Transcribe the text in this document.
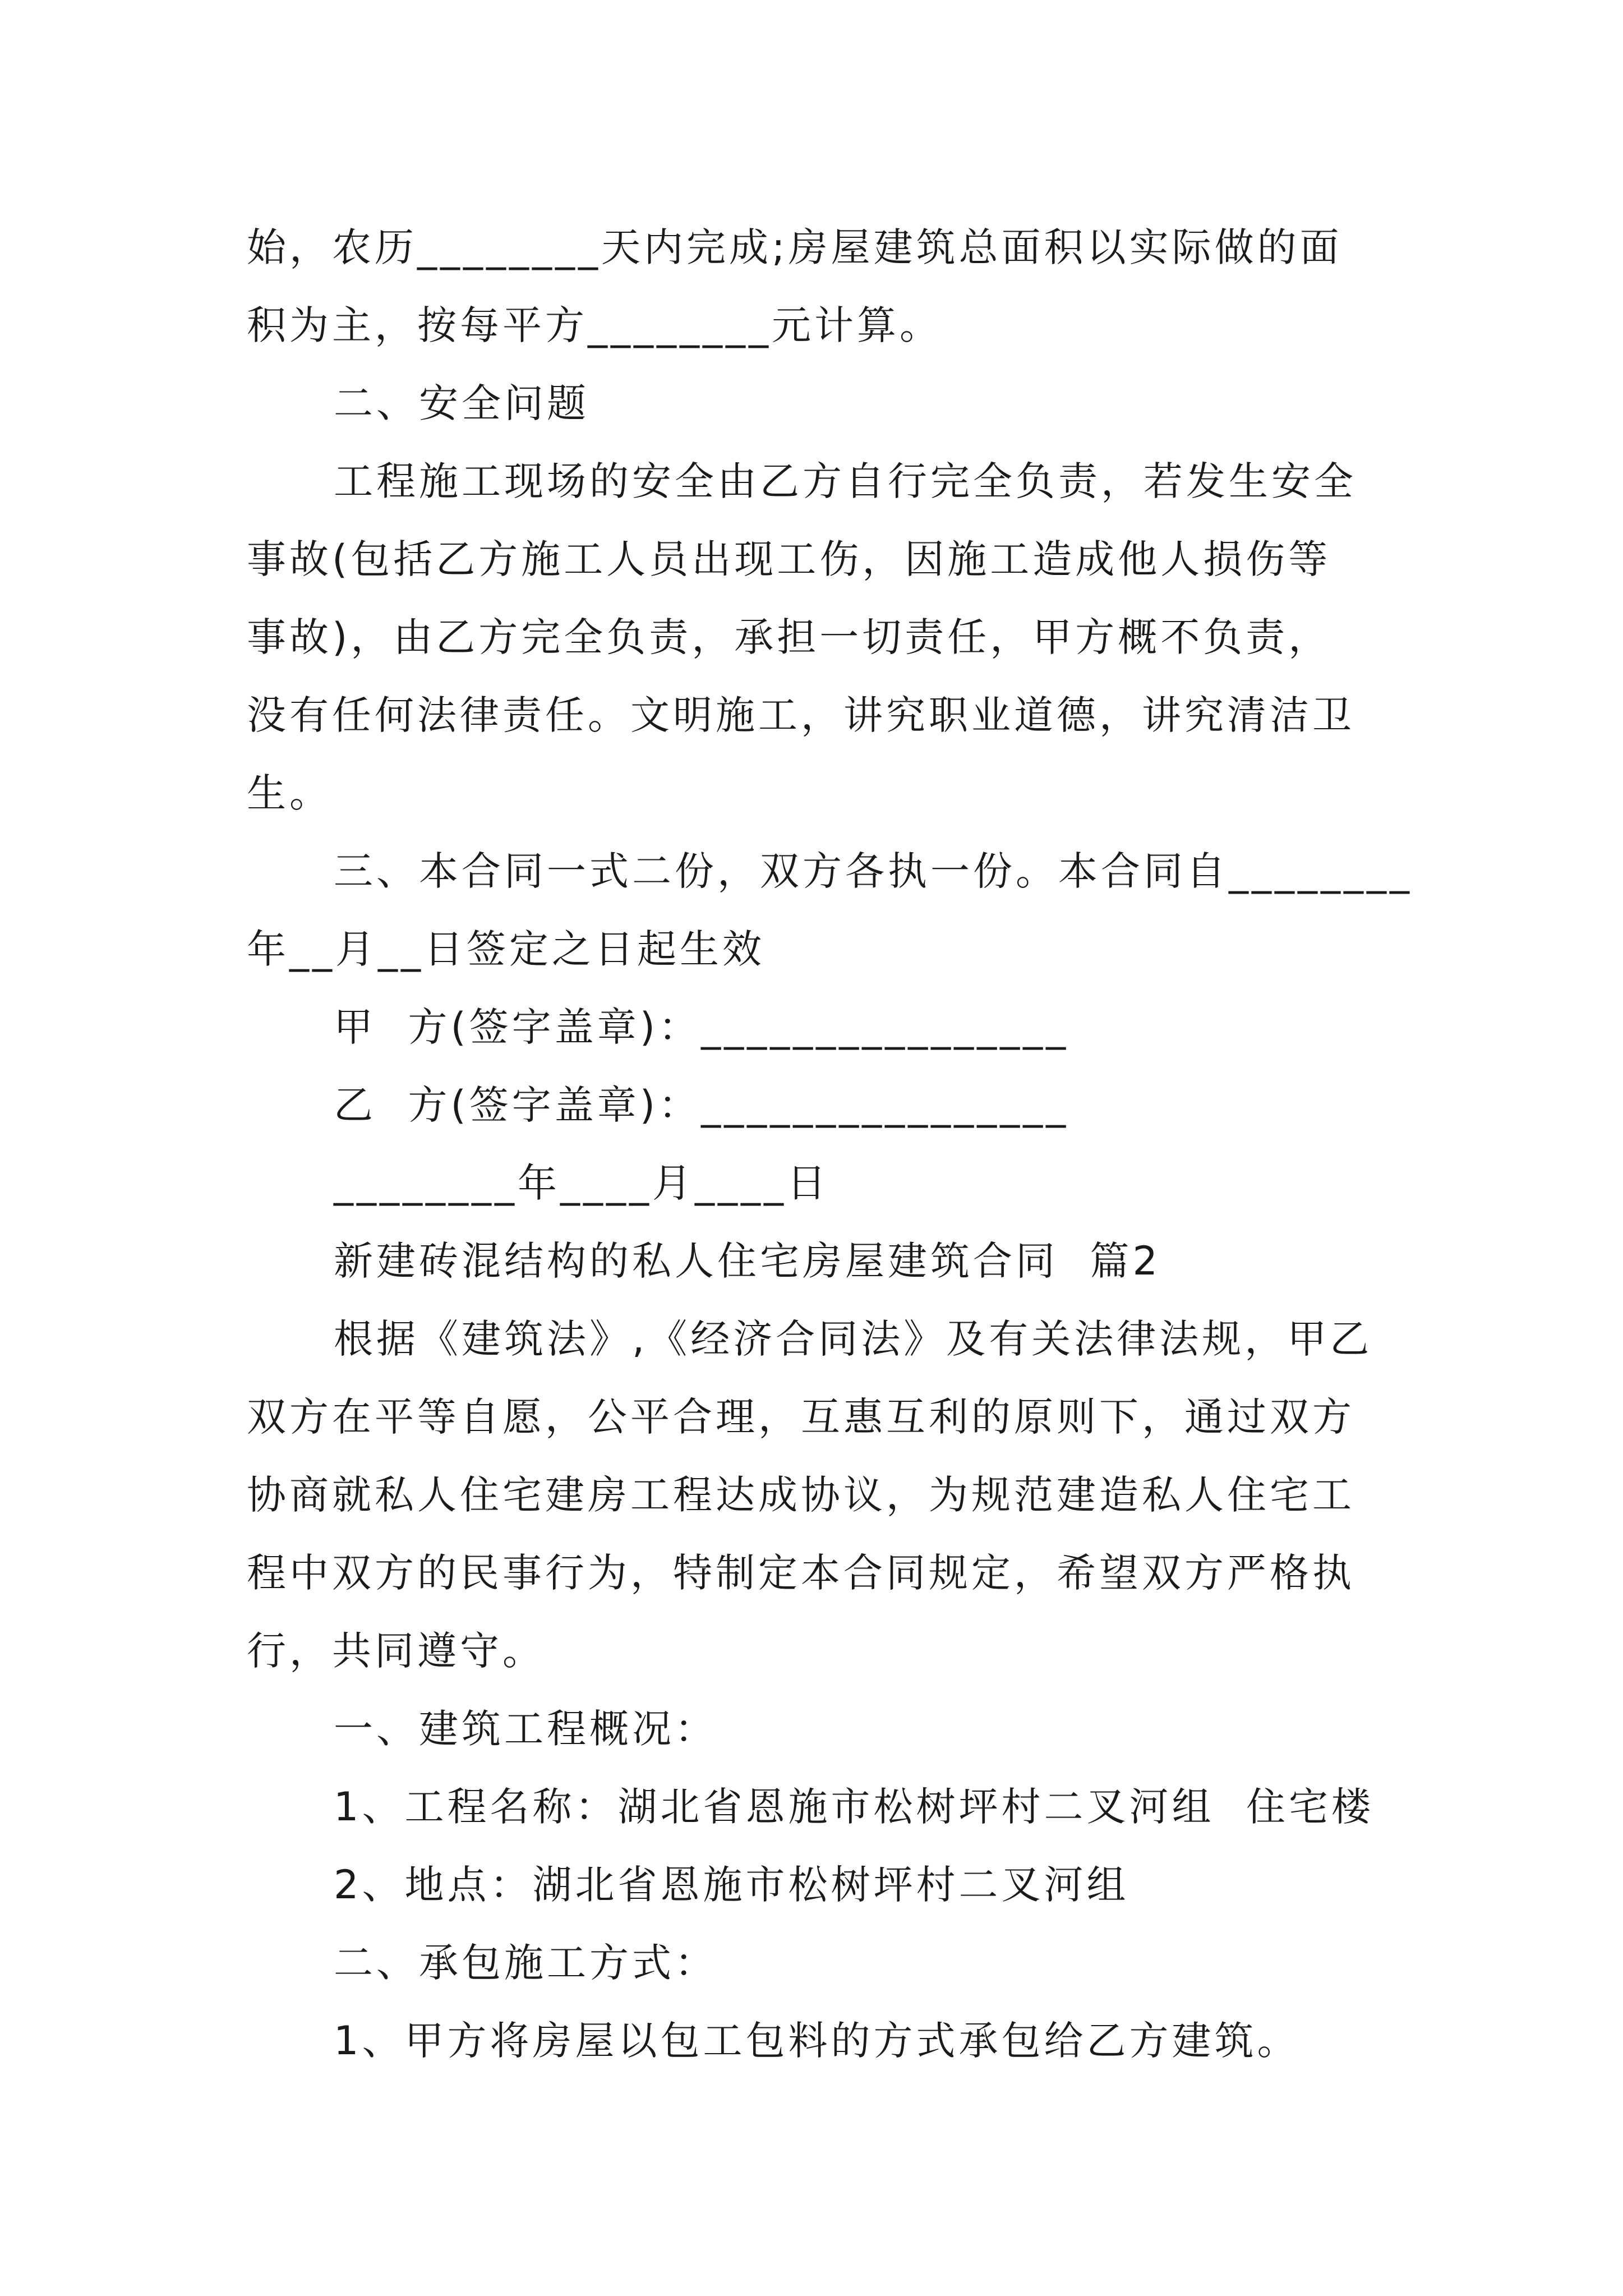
始，农历________天内完成;房屋建筑总面积以实际做的面

积为主，按每平方________元计算。

二、安全问题

工程施工现场的安全由乙方自行完全负责，若发生安全

事故(包括乙方施工人员出现工伤，因施工造成他人损伤等

事故)，由乙方完全负责，承担一切责任，甲方概不负责，

没有任何法律责任。文明施工，讲究职业道德，讲究清洁卫

生。

三、本合同一式二份，双方各执一份。本合同自________

年__月__日签定之日起生效

甲  方(签字盖章)：________________

乙  方(签字盖章)：________________

________年____月____日

新建砖混结构的私人住宅房屋建筑合同  篇2

根据《建筑法》,《经济合同法》及有关法律法规，甲乙

双方在平等自愿，公平合理，互惠互利的原则下，通过双方

协商就私人住宅建房工程达成协议，为规范建造私人住宅工

程中双方的民事行为，特制定本合同规定，希望双方严格执

行，共同遵守。

一、建筑工程概况：

1、工程名称：湖北省恩施市松树坪村二叉河组  住宅楼

2、地点：湖北省恩施市松树坪村二叉河组

二、承包施工方式：

1、甲方将房屋以包工包料的方式承包给乙方建筑。
